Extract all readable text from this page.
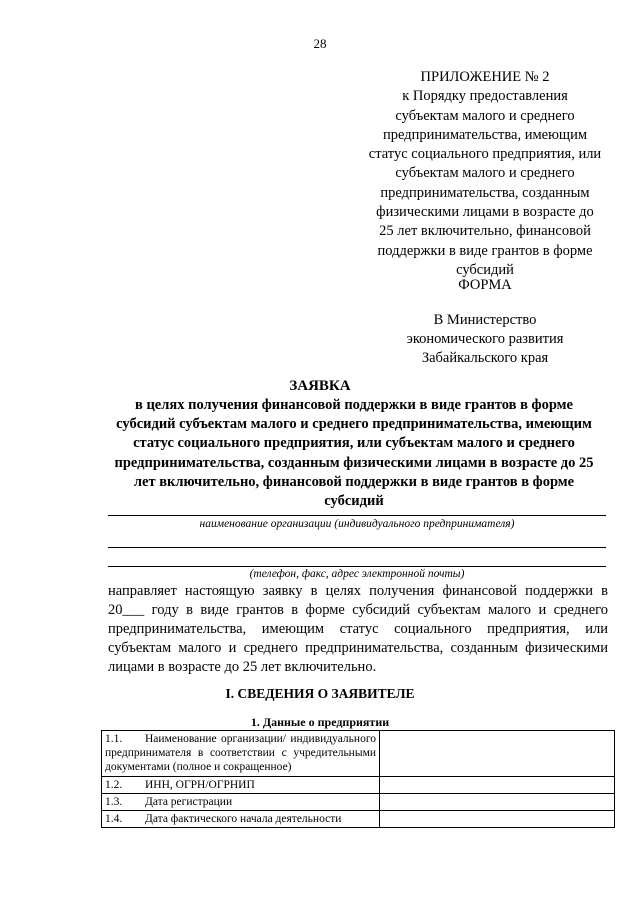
28

ПРИЛОЖЕНИЕ № 2

к Порядку предоставления
субъектам малого и среднего
предпринимательства, имеющим
статус социального предприятия, или
субъектам малого и среднего
предпринимательства, созданным
физическими лицами в возрасте до
25 лет включительно, финансовой
поддержки в виде грантов в форме
субсидий

ФОРМА
В Министерство
экономического развития
Забайкальского края
ЗАЯВКА
в целях получения финансовой поддержки в виде грантов в форме
субсидий субъектам малого и среднего предпринимательства, имеющим
статус социального предприятия, или субъектам малого и среднего
предпринимательства, созданным физическими лицами в возрасте до 25
лет включительно, финансовой поддержки в виде грантов в форме
субсидий
наименование организации (индивидуального предпринимателя)
(телефон, факс, адрес электронной почты)
направляет настоящую заявку в целях получения финансовой поддержки в 20___ году в виде грантов в форме субсидий субъектам малого и среднего предпринимательства, имеющим статус социального предприятия, или субъектам малого и среднего предпринимательства, созданным физическими лицами в возрасте до 25 лет включительно.
I. СВЕДЕНИЯ О ЗАЯВИТЕЛЕ
1. Данные о предприятии
1.1. Наименование организации/ индивидуального предпринимателя в соответствии с учредительными документами (полное и сокращенное)	

1.2. ИНН, ОГРН/ОГРНИП	
1.3. Дата регистрации	
1.4. Дата фактического начала деятельности	
